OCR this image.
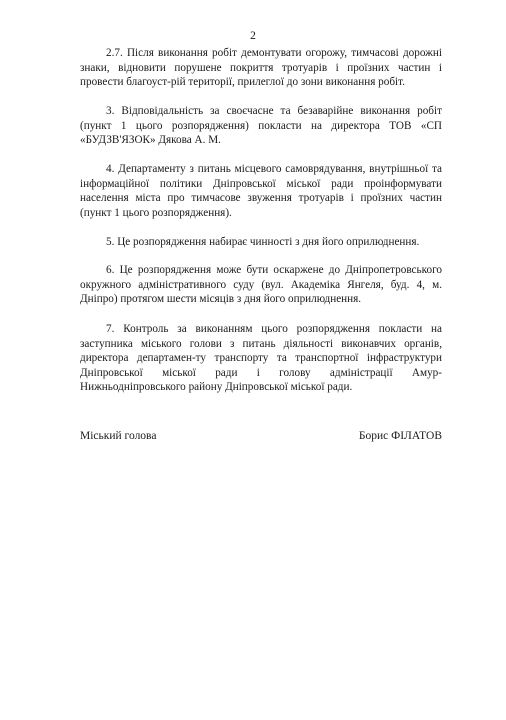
2

2.7. Після виконання робіт демонтувати огорожу, тимчасові дорожні знаки, відновити порушене покриття тротуарів і проїзних частин і провести благоуст-рій території, прилеглої до зони виконання робіт.

3. Відповідальність за своєчасне та безаварійне виконання робіт (пункт 1 цього розпорядження) покласти на директора ТОВ «СП «БУДЗВ'ЯЗОК» Дякова А. М.

4. Департаменту з питань місцевого самоврядування, внутрішньої та інформаційної політики Дніпровської міської ради проінформувати населення міста про тимчасове звуження тротуарів і проїзних частин (пункт 1 цього розпорядження).

5. Це розпорядження набирає чинності з дня його оприлюднення.

6. Це розпорядження може бути оскаржене до Дніпропетровського окружного адміністративного суду (вул. Академіка Янгеля, буд. 4, м. Дніпро) протягом шести місяців з дня його оприлюднення.

7. Контроль за виконанням цього розпорядження покласти на заступника міського голови з питань діяльності виконавчих органів, директора департамен-ту транспорту та транспортної інфраструктури Дніпровської міської ради і голову адміністрації Амур-Нижньодніпровського району Дніпровської міської ради.

Міський голова	Борис ФІЛАТОВ
